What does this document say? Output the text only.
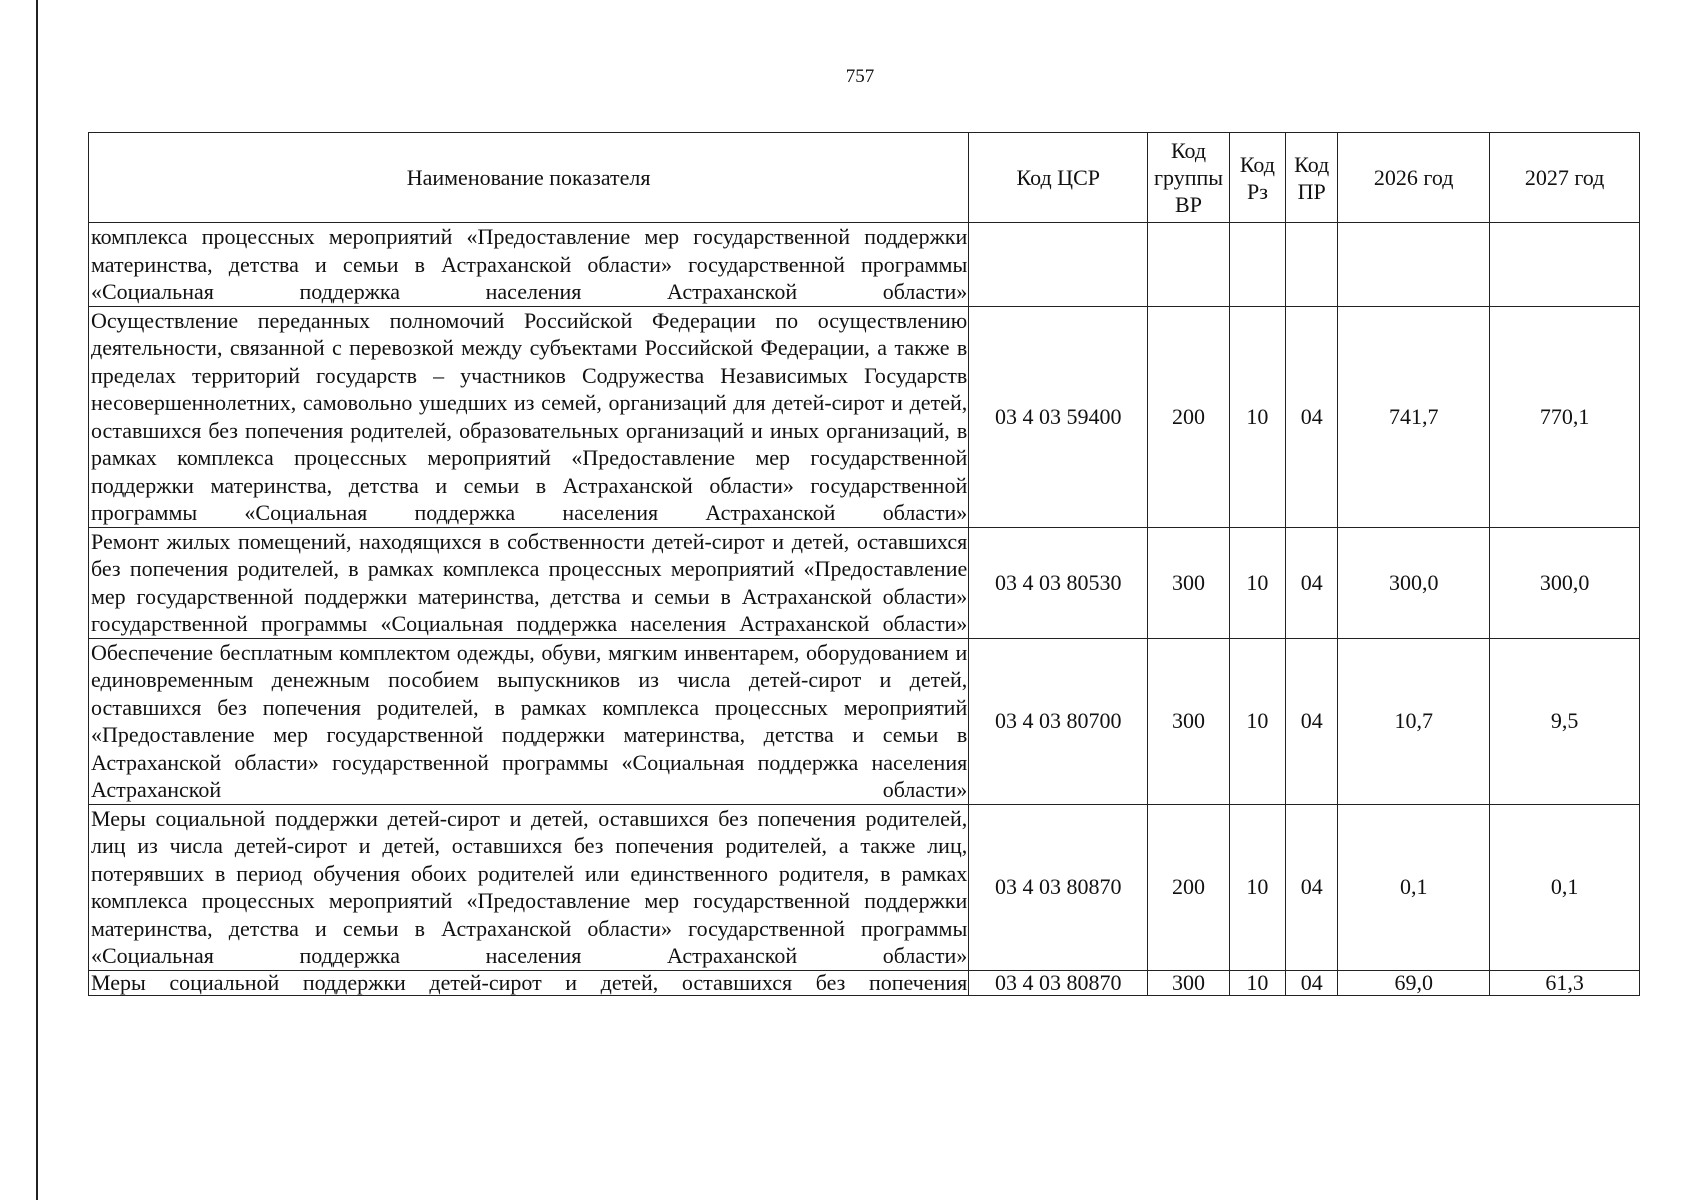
757
Наименование показателя	Код ЦСР	Код группы ВР	Код Рз	Код ПР	2026 год	2027 год
комплекса процессных мероприятий «Предоставление мер государственной поддержки материнства, детства и семьи в Астраханской области» государственной программы «Социальная поддержка населения Астраханской области»						
Осуществление переданных полномочий Российской Федерации по осуществлению деятельности, связанной с перевозкой между субъектами Российской Федерации, а также в пределах территорий государств – участников Содружества Независимых Государств несовершеннолетних, самовольно ушедших из семей, организаций для детей-сирот и детей, оставшихся без попечения родителей, образовательных организаций и иных организаций, в рамках комплекса процессных мероприятий «Предоставление мер государственной поддержки материнства, детства и семьи в Астраханской области» государственной программы «Социальная поддержка населения Астраханской области»	03 4 03 59400	200	10	04	741,7	770,1
Ремонт жилых помещений, находящихся в собственности детей-сирот и детей, оставшихся без попечения родителей, в рамках комплекса процессных мероприятий «Предоставление мер государственной поддержки материнства, детства и семьи в Астраханской области» государственной программы «Социальная поддержка населения Астраханской области»	03 4 03 80530	300	10	04	300,0	300,0
Обеспечение бесплатным комплектом одежды, обуви, мягким инвентарем, оборудованием и единовременным денежным пособием выпускников из числа детей-сирот и детей, оставшихся без попечения родителей, в рамках комплекса процессных мероприятий «Предоставление мер государственной поддержки материнства, детства и семьи в Астраханской области» государственной программы «Социальная поддержка населения Астраханской области»	03 4 03 80700	300	10	04	10,7	9,5
Меры социальной поддержки детей-сирот и детей, оставшихся без попечения родителей, лиц из числа детей-сирот и детей, оставшихся без попечения родителей, а также лиц, потерявших в период обучения обоих родителей или единственного родителя, в рамках комплекса процессных мероприятий «Предоставление мер государственной поддержки материнства, детства и семьи в Астраханской области» государственной программы «Социальная поддержка населения Астраханской области»	03 4 03 80870	200	10	04	0,1	0,1
Меры социальной поддержки детей-сирот и детей, оставшихся без попечения	03 4 03 80870	300	10	04	69,0	61,3
